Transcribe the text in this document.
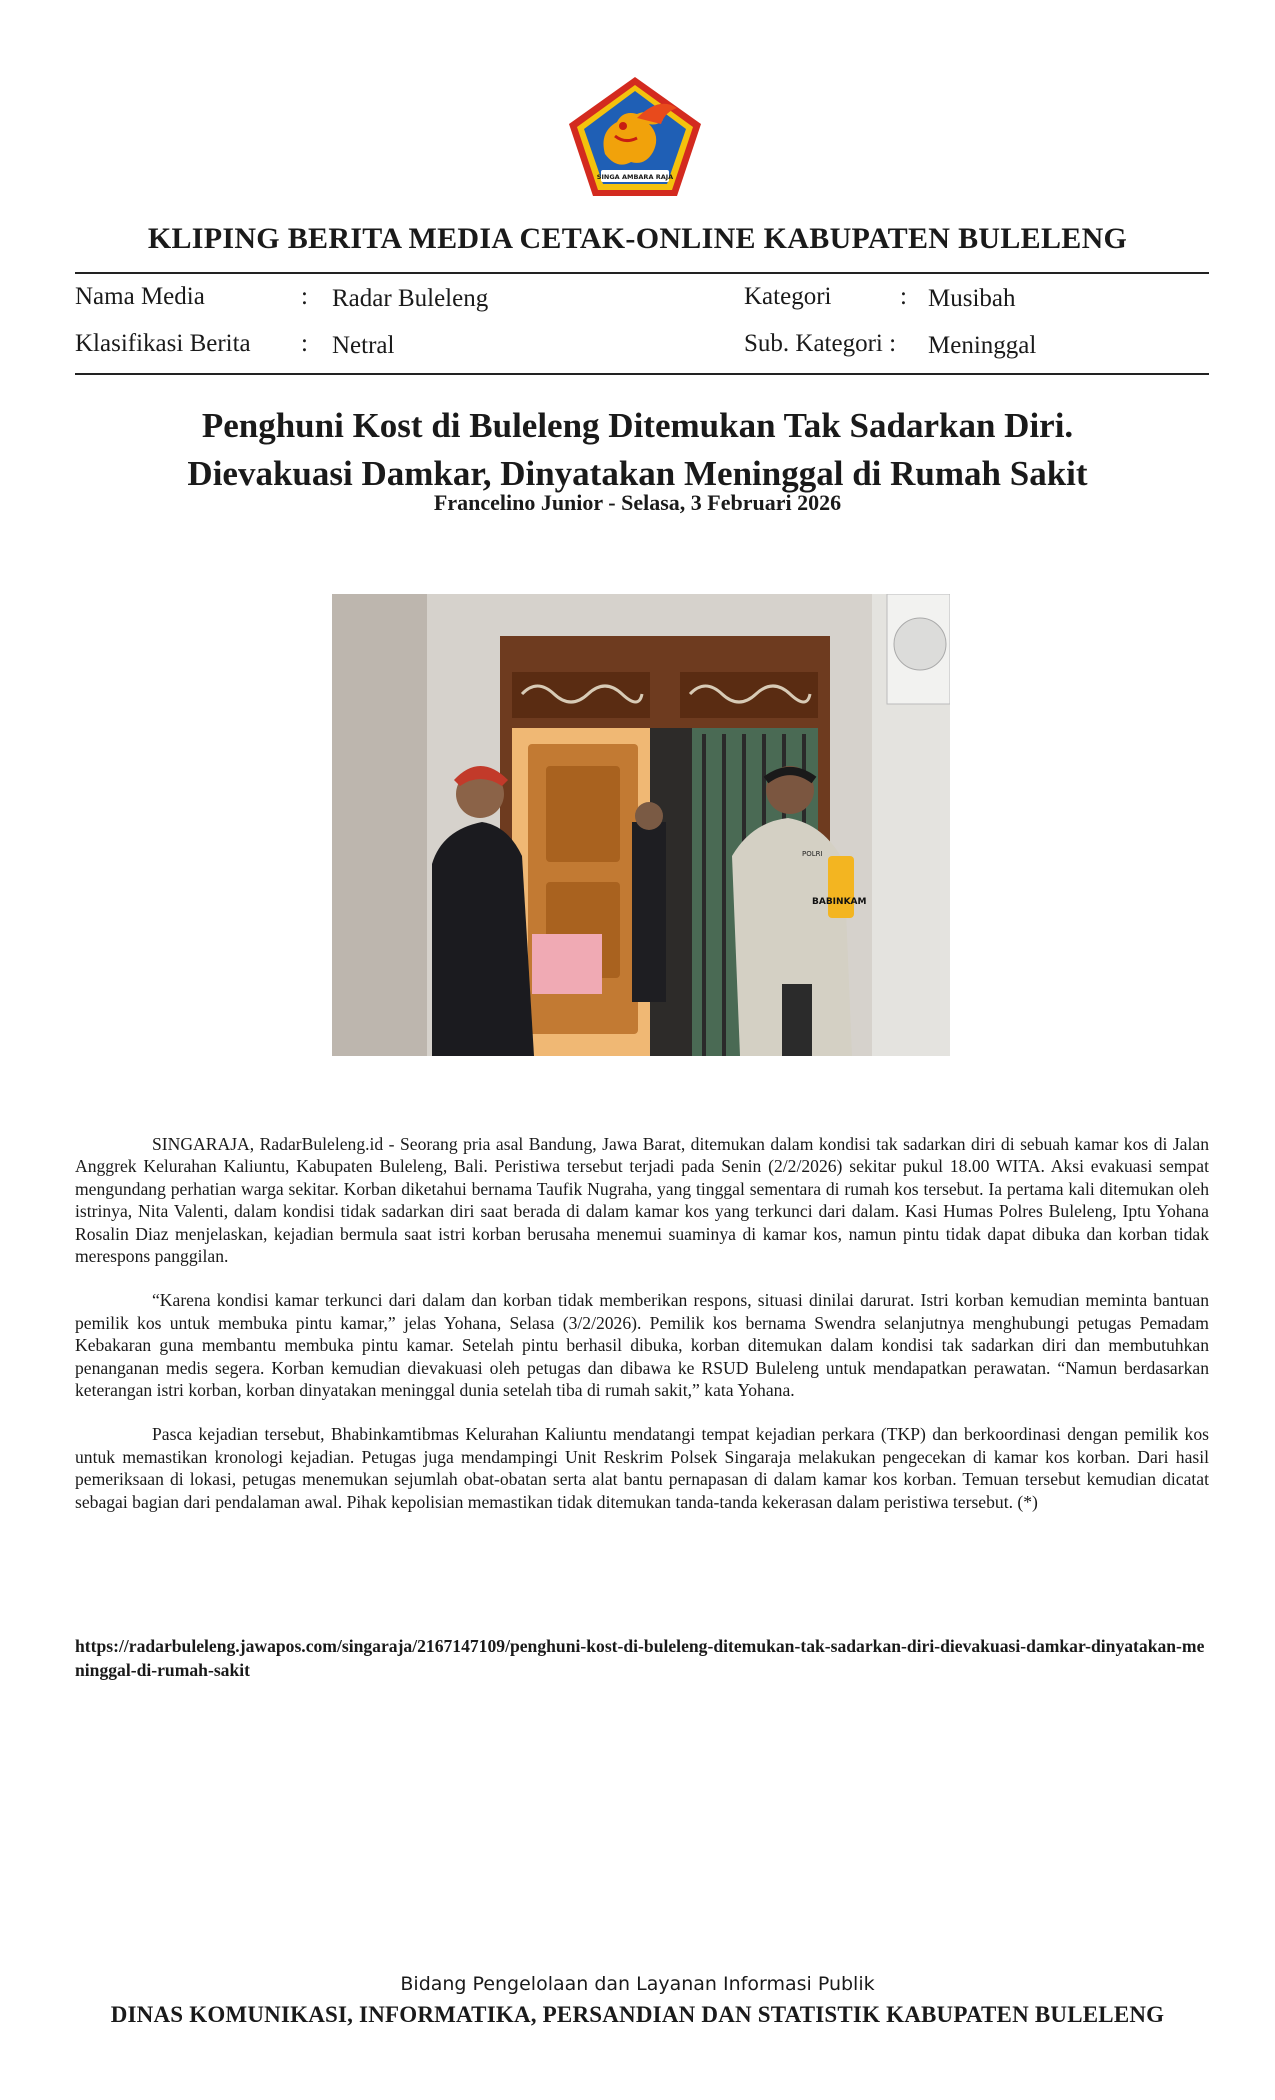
SINGA AMBARA RAJA
KLIPING BERITA MEDIA CETAK-ONLINE KABUPATEN BULELENG
Nama Media	: Radar Buleleng	Kategori	: Musibah
Klasifikasi Berita : Netral	Sub. Kategori : Meninggal
Penghuni Kost di Buleleng Ditemukan Tak Sadarkan Diri.
Dievakuasi Damkar, Dinyatakan Meninggal di Rumah Sakit
Francelino Junior - Selasa, 3 Februari 2026
BABINKAM
POLRI

SINGARAJA, RadarBuleleng.id - Seorang pria asal Bandung, Jawa Barat, ditemukan dalam kondisi tak sadarkan diri di sebuah kamar kos di Jalan Anggrek Kelurahan Kaliuntu, Kabupaten Buleleng, Bali. Peristiwa tersebut terjadi pada Senin (2/2/2026) sekitar pukul 18.00 WITA. Aksi evakuasi sempat mengundang perhatian warga sekitar. Korban diketahui bernama Taufik Nugraha, yang tinggal sementara di rumah kos tersebut. Ia pertama kali ditemukan oleh istrinya, Nita Valenti, dalam kondisi tidak sadarkan diri saat berada di dalam kamar kos yang terkunci dari dalam. Kasi Humas Polres Buleleng, Iptu Yohana Rosalin Diaz menjelaskan, kejadian bermula saat istri korban berusaha menemui suaminya di kamar kos, namun pintu tidak dapat dibuka dan korban tidak merespons panggilan.

“Karena kondisi kamar terkunci dari dalam dan korban tidak memberikan respons, situasi dinilai darurat. Istri korban kemudian meminta bantuan pemilik kos untuk membuka pintu kamar,” jelas Yohana, Selasa (3/2/2026). Pemilik kos bernama Swendra selanjutnya menghubungi petugas Pemadam Kebakaran guna membantu membuka pintu kamar. Setelah pintu berhasil dibuka, korban ditemukan dalam kondisi tak sadarkan diri dan membutuhkan penanganan medis segera. Korban kemudian dievakuasi oleh petugas dan dibawa ke RSUD Buleleng untuk mendapatkan perawatan. “Namun berdasarkan keterangan istri korban, korban dinyatakan meninggal dunia setelah tiba di rumah sakit,” kata Yohana.

Pasca kejadian tersebut, Bhabinkamtibmas Kelurahan Kaliuntu mendatangi tempat kejadian perkara (TKP) dan berkoordinasi dengan pemilik kos untuk memastikan kronologi kejadian. Petugas juga mendampingi Unit Reskrim Polsek Singaraja melakukan pengecekan di kamar kos korban. Dari hasil pemeriksaan di lokasi, petugas menemukan sejumlah obat-obatan serta alat bantu pernapasan di dalam kamar kos korban. Temuan tersebut kemudian dicatat sebagai bagian dari pendalaman awal. Pihak kepolisian memastikan tidak ditemukan tanda-tanda kekerasan dalam peristiwa tersebut. (*)

https://radarbuleleng.jawapos.com/singaraja/2167147109/penghuni-kost-di-buleleng-ditemukan-tak-sadarkan-diri-dievakuasi-damkar-dinyatakan-meninggal-di-rumah-sakit
Bidang Pengelolaan dan Layanan Informasi Publik
DINAS KOMUNIKASI, INFORMATIKA, PERSANDIAN DAN STATISTIK KABUPATEN BULELENG
